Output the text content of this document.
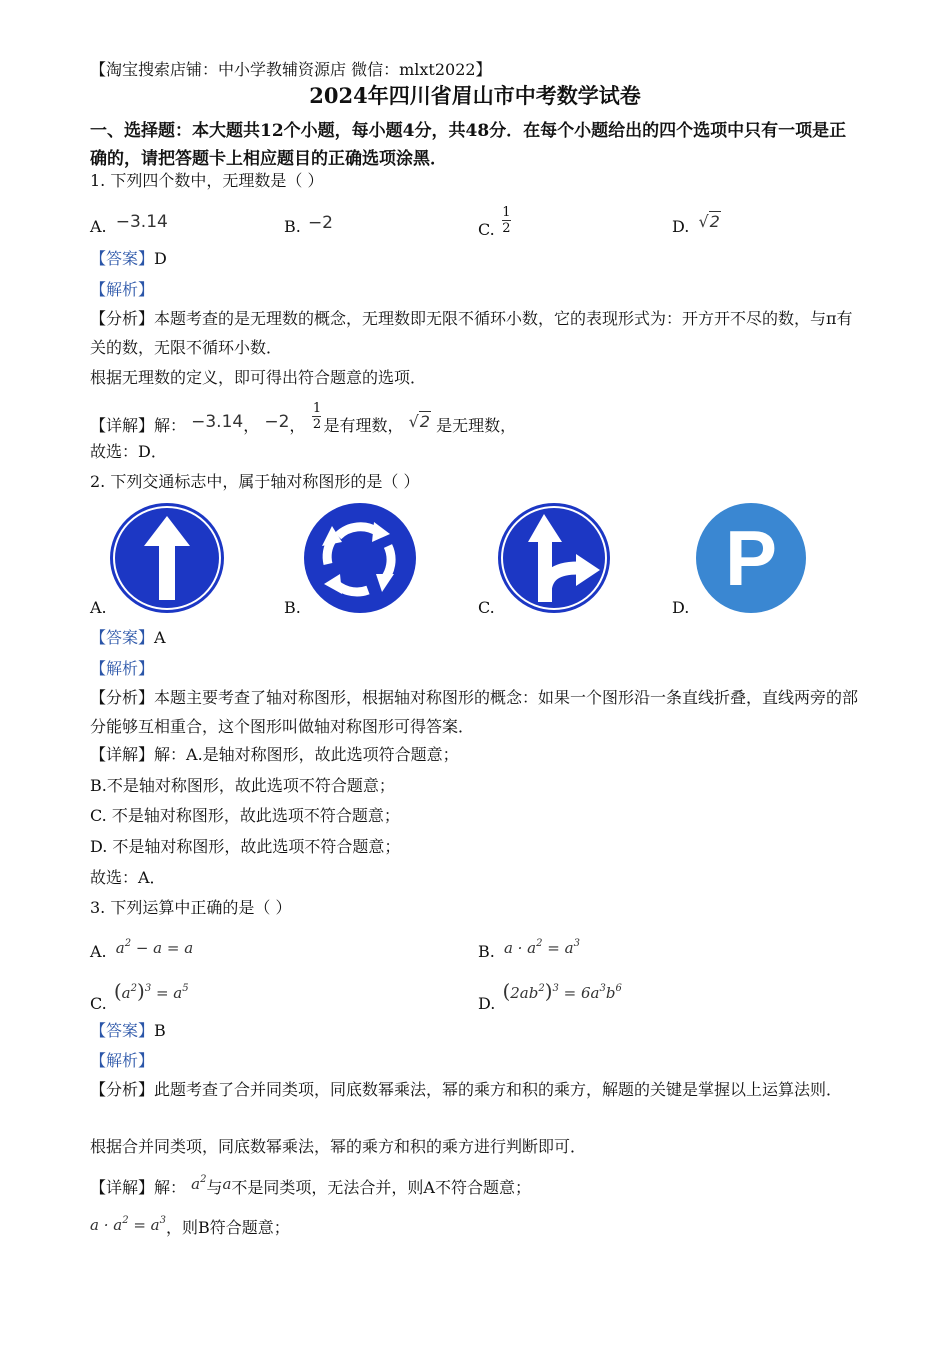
【淘宝搜索店铺：中小学教辅资源店 微信：mlxt2022】
2024年四川省眉山市中考数学试卷
一、选择题：本大题共12个小题，每小题4分，共48分．在每个小题给出的四个选项中只有一项是正确的，请把答题卡上相应题目的正确选项涂黑．
1. 下列四个数中，无理数是（ ）
A. −3.14	B. −2	C. $\frac{1}{2}$	D. √2
【答案】D
【解析】
【分析】本题考查的是无理数的概念，无理数即无限不循环小数，它的表现形式为：开方开不尽的数，与π有关的数，无限不循环小数．
根据无理数的定义，即可得出符合题意的选项．
【详解】解： −3.14， −2， $\frac{1}{2}$ 是有理数， √2 是无理数，
故选：D．
2. 下列交通标志中，属于轴对称图形的是（ ）
P
A.	B.	C.	D.
【答案】A
【解析】
【分析】本题主要考查了轴对称图形，根据轴对称图形的概念：如果一个图形沿一条直线折叠，直线两旁的部分能够互相重合，这个图形叫做轴对称图形可得答案．
【详解】解：A.是轴对称图形，故此选项符合题意；
B.不是轴对称图形，故此选项不符合题意；
C. 不是轴对称图形，故此选项不符合题意；
D. 不是轴对称图形，故此选项不符合题意；
故选：A．
3. 下列运算中正确的是（ ）
A. $a^2 - a = a$	B. $a \cdot a^2 = a^3$
C. $(a^2)^3 = a^5$
D. $(2ab^2)^3 = 6a^3b^6$
【答案】B
【解析】
【分析】此题考查了合并同类项，同底数幂乘法，幂的乘方和积的乘方，解题的关键是掌握以上运算法则．
根据合并同类项，同底数幂乘法，幂的乘方和积的乘方进行判断即可．
【详解】解： $a^2$与a不是同类项，无法合并，则A不符合题意；
$a \cdot a^2 = a^3$，则B符合题意；
